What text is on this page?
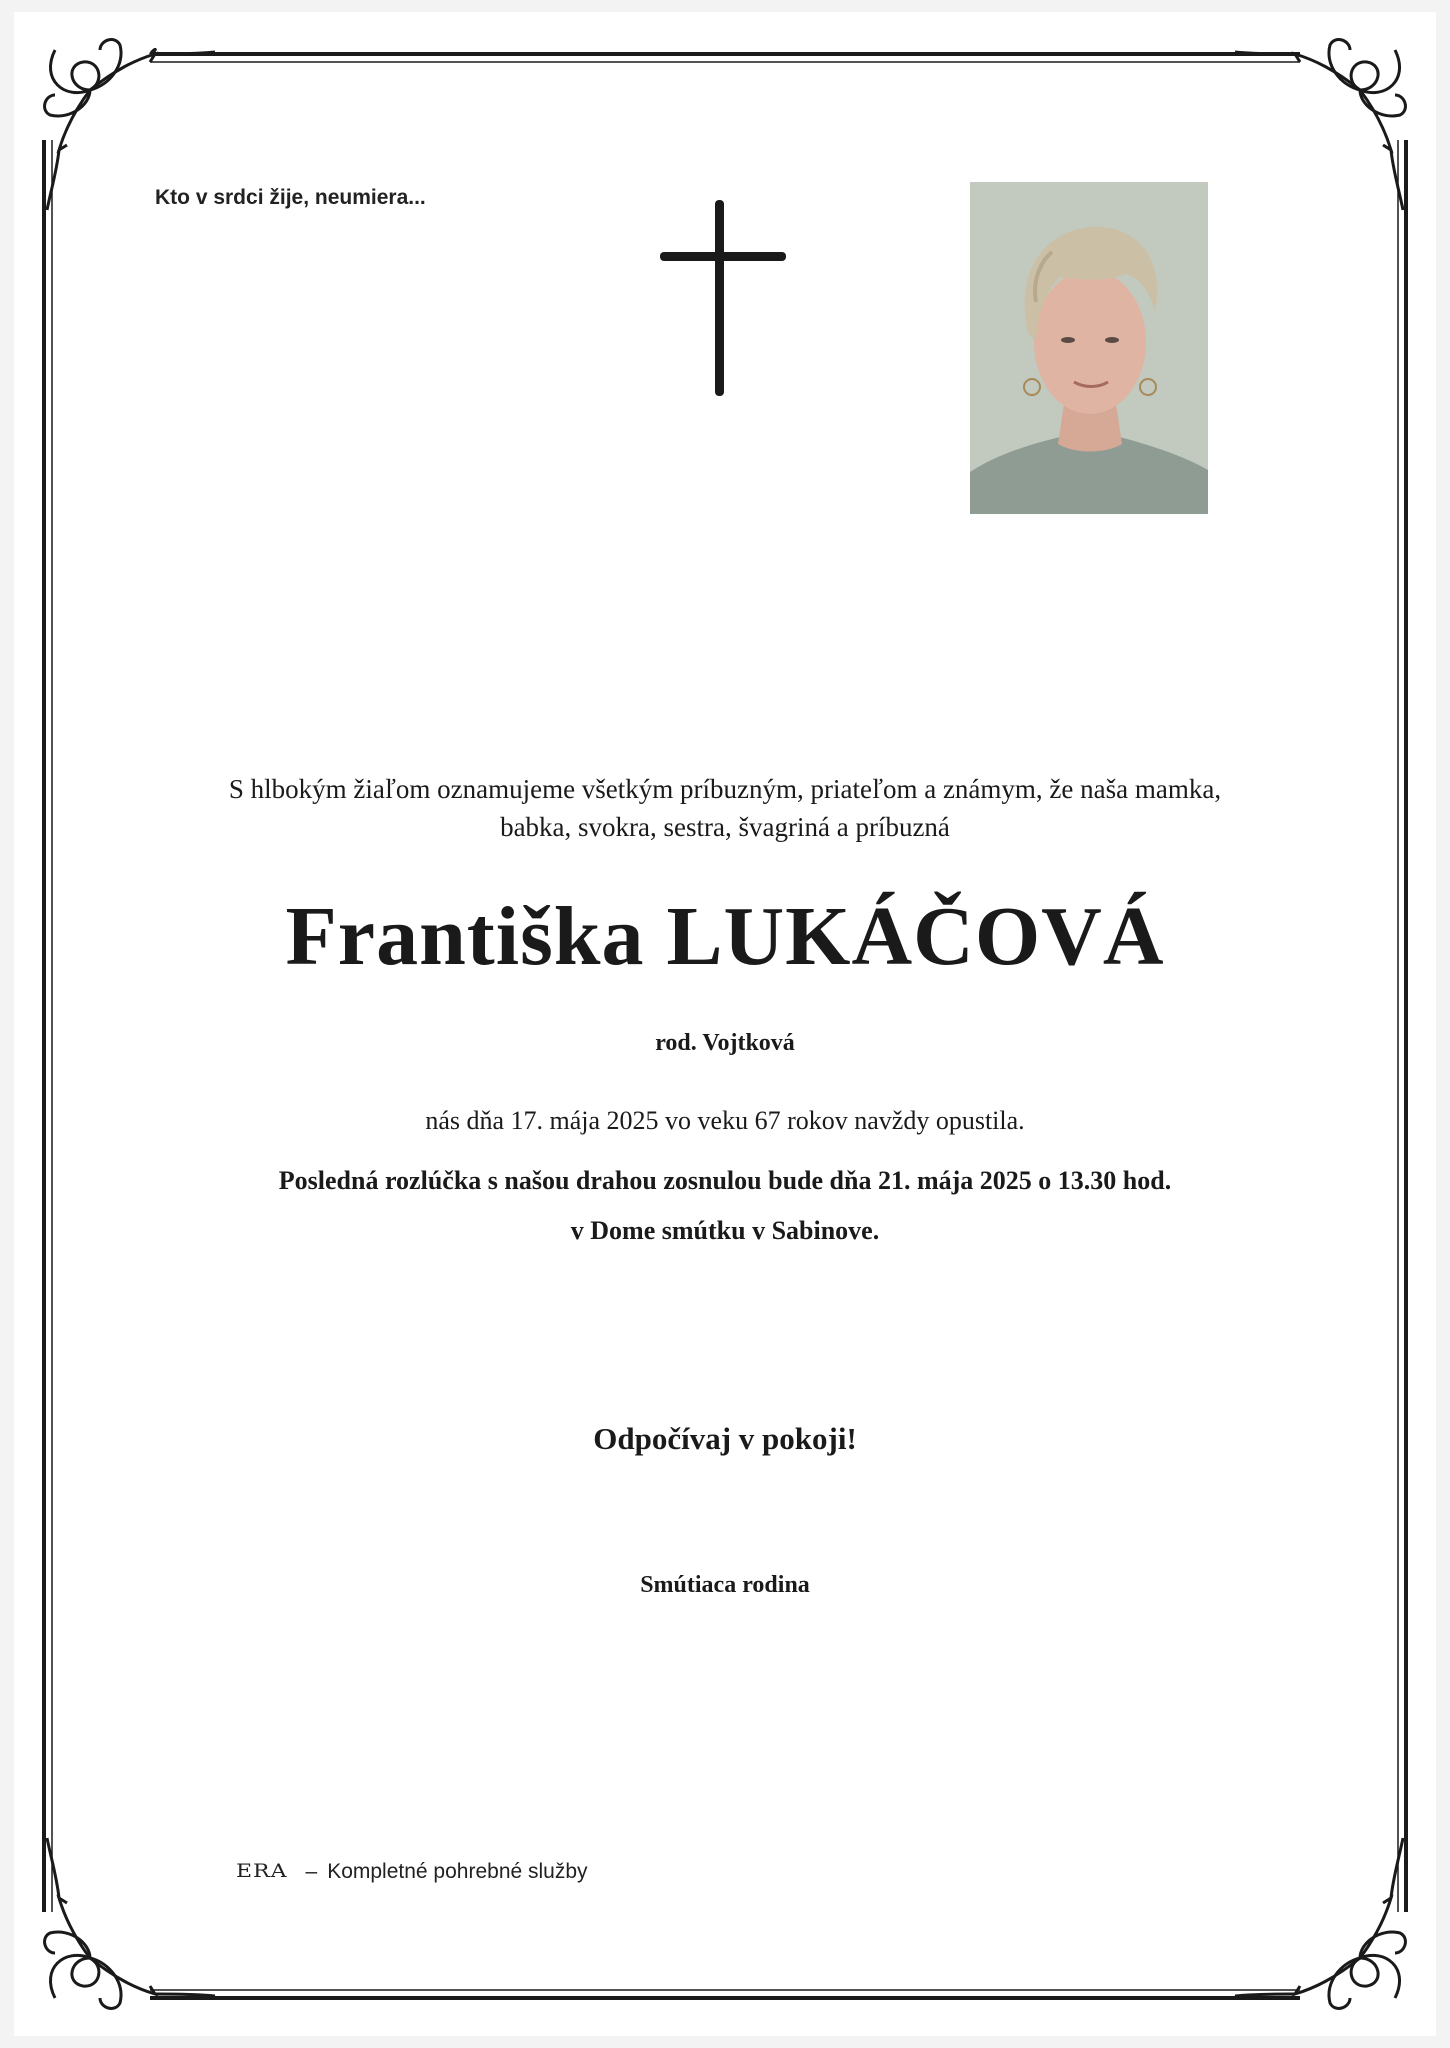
Kto v srdci žije, neumiera...
S hlbokým žiaľom oznamujeme všetkým príbuzným, priateľom a známym, že naša mamka,
babka, svokra, sestra, švagriná a príbuzná
Františka LUKÁČOVÁ
rod. Vojtková
nás dňa 17. mája 2025 vo veku 67 rokov navždy opustila.
Posledná rozlúčka s našou drahou zosnulou bude dňa 21. mája 2025 o 13.30 hod.
v Dome smútku v Sabinove.
Odpočívaj v pokoji!
Smútiaca rodina
ERA – Kompletné pohrebné služby
